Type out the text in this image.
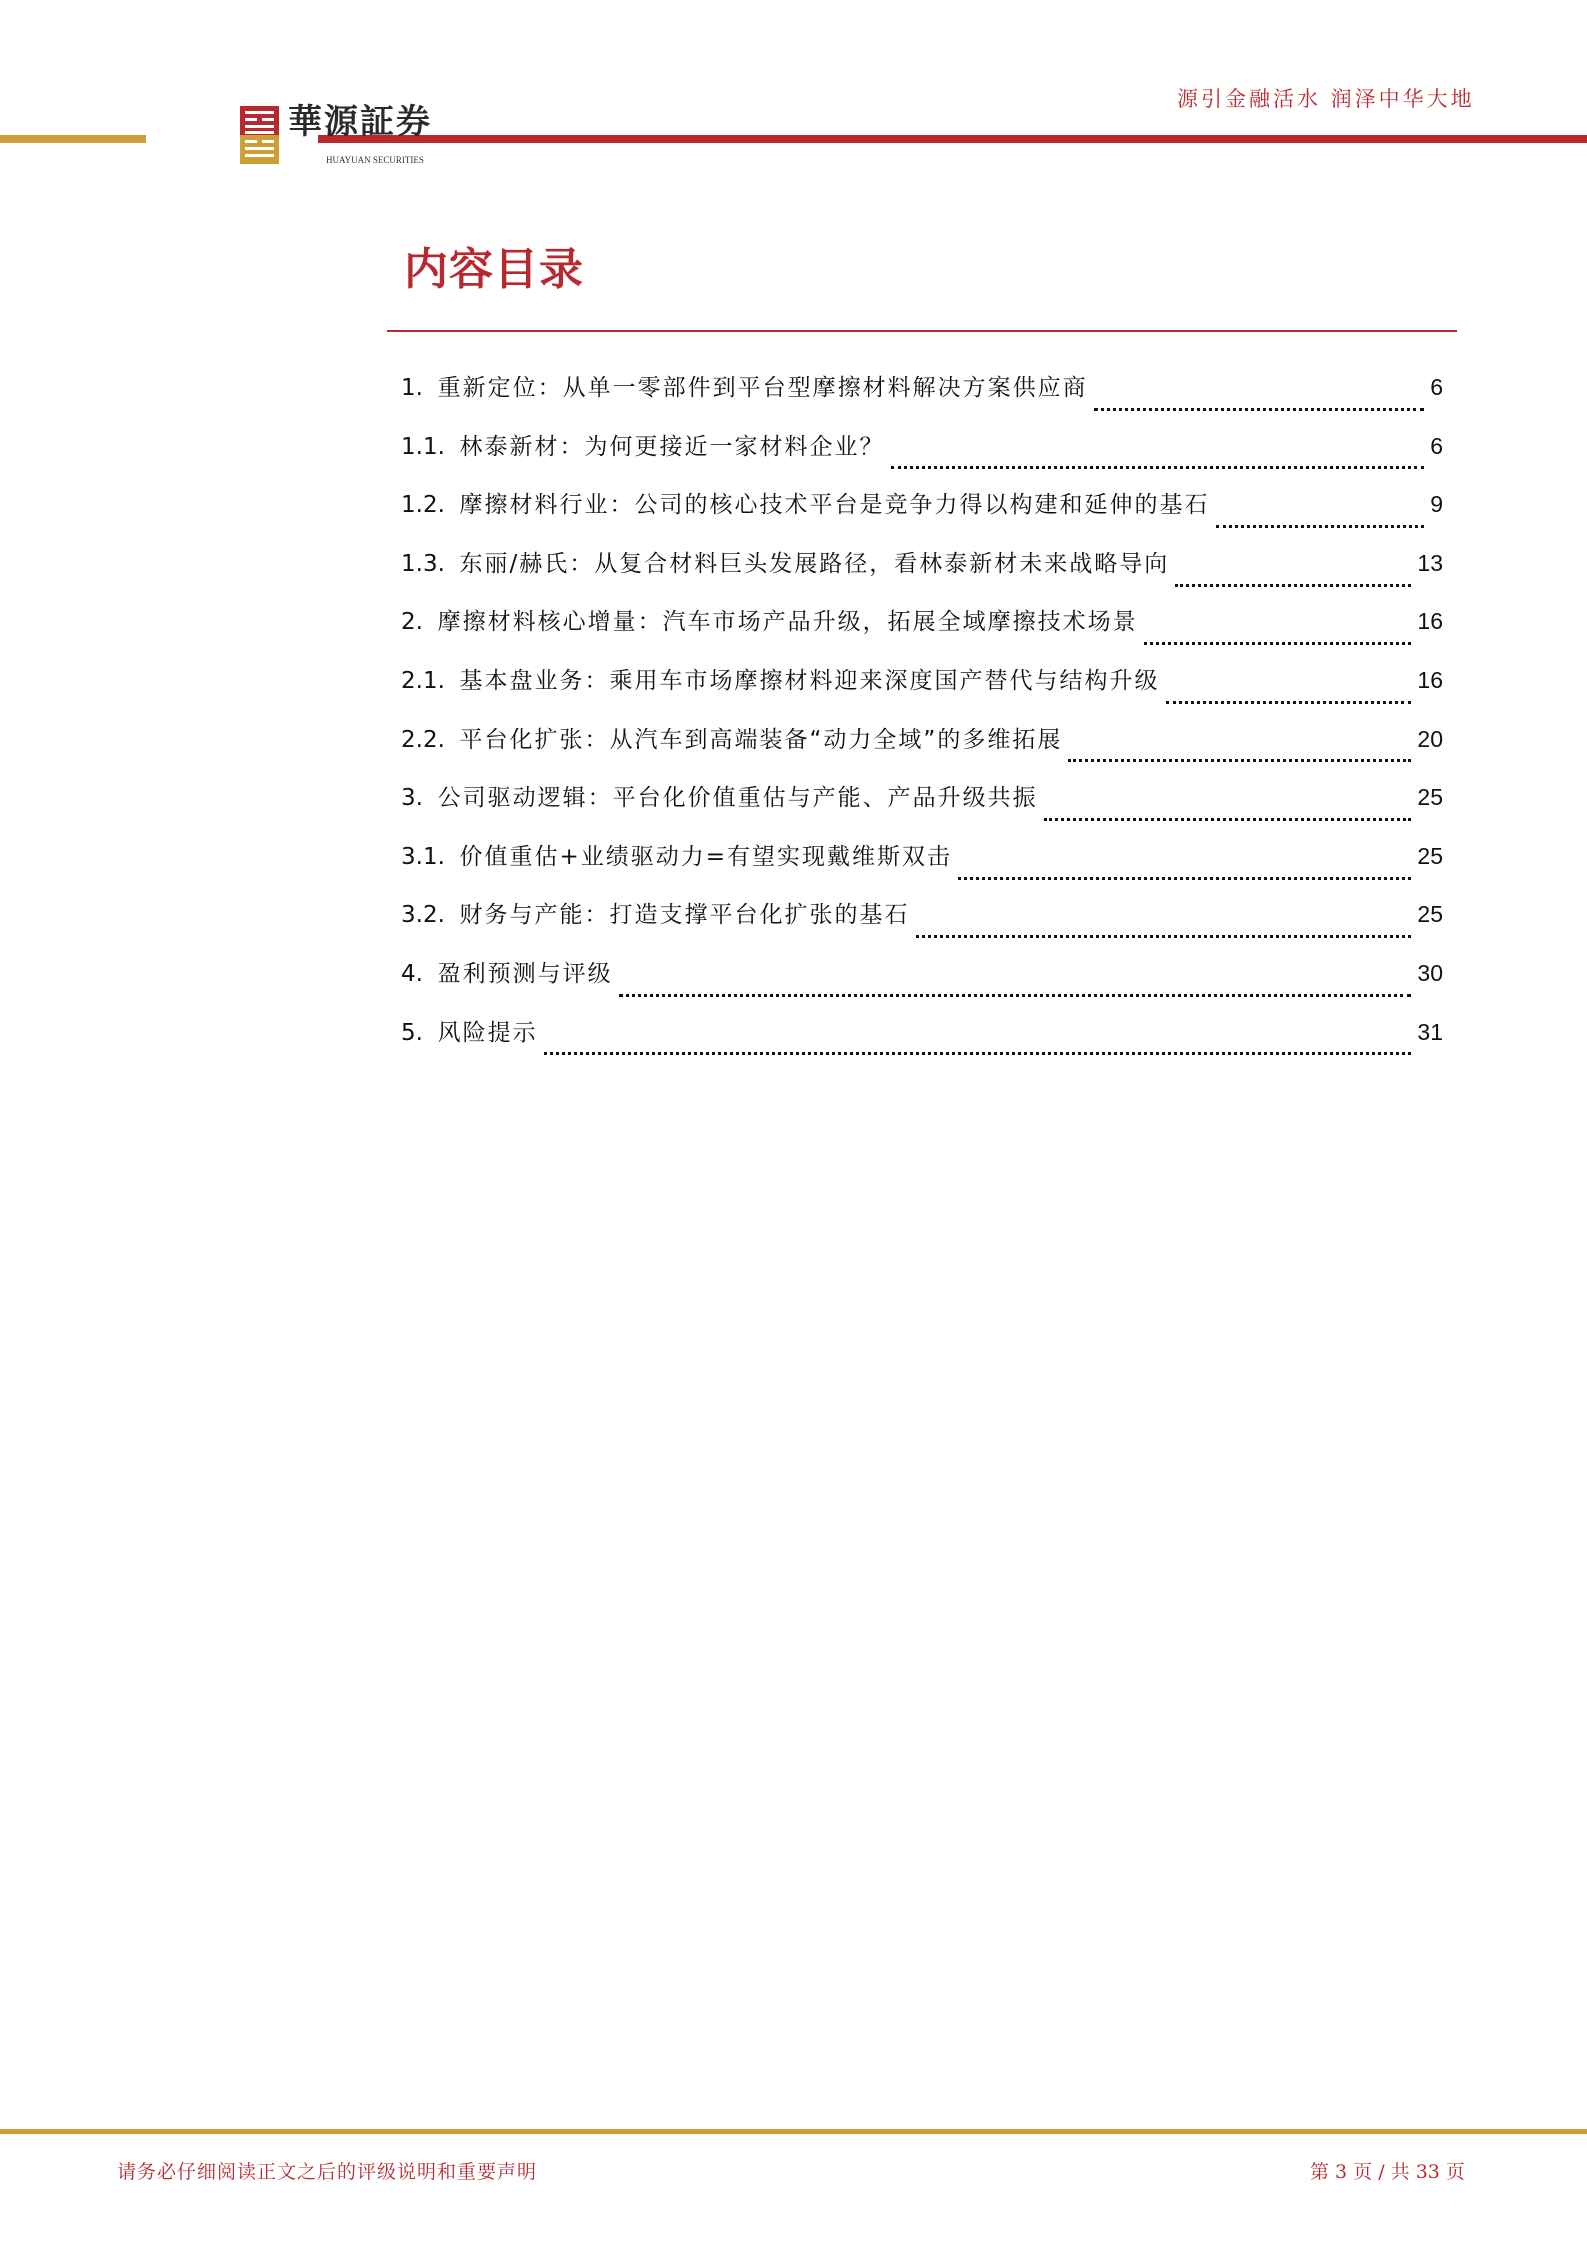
華源証券
HUAYUAN SECURITIES
源引金融活水 润泽中华大地
内容目录
1. 重新定位：从单一零部件到平台型摩擦材料解决方案供应商	6
1.1. 林泰新材：为何更接近一家材料企业？	6
1.2. 摩擦材料行业：公司的核心技术平台是竞争力得以构建和延伸的基石	9
1.3. 东丽/赫氏：从复合材料巨头发展路径，看林泰新材未来战略导向	13
2. 摩擦材料核心增量：汽车市场产品升级，拓展全域摩擦技术场景	16
2.1. 基本盘业务：乘用车市场摩擦材料迎来深度国产替代与结构升级	16
2.2. 平台化扩张：从汽车到高端装备“动力全域”的多维拓展	20
3. 公司驱动逻辑：平台化价值重估与产能、产品升级共振	25
3.1. 价值重估+业绩驱动力=有望实现戴维斯双击	25
3.2. 财务与产能：打造支撑平台化扩张的基石	25
4. 盈利预测与评级	30
5. 风险提示	31
请务必仔细阅读正文之后的评级说明和重要声明	第 3 页 / 共 33 页
